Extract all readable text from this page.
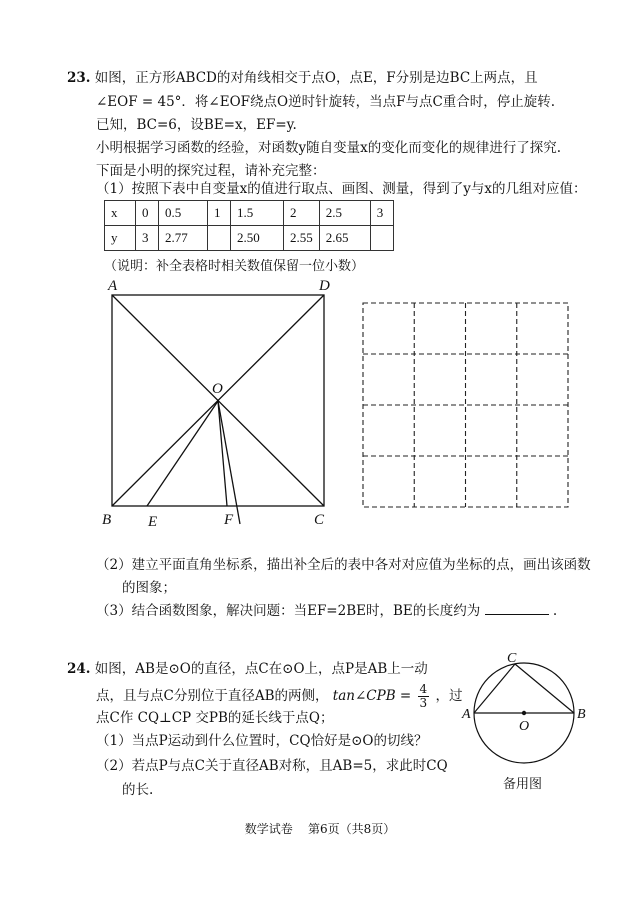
23. 如图，正方形ABCD的对角线相交于点O，点E，F分别是边BC上两点，且
∠EOF = 45°．将∠EOF绕点O逆时针旋转，当点F与点C重合时，停止旋转.
已知，BC=6，设BE=x，EF=y.
小明根据学习函数的经验，对函数y随自变量x的变化而变化的规律进行了探究.
下面是小明的探究过程，请补充完整：
（1）按照下表中自变量x的值进行取点、画图、测量，得到了y与x的几组对应值：
x	0	0.5	1	1.5	2	2.5	3
y	3	2.77		2.50	2.55	2.65	
（说明：补全表格时相关数值保留一位小数）
A	D
O
B E	F	C
（2）建立平面直角坐标系，描出补全后的表中各对对应值为坐标的点，画出该函数
的图象；
（3）结合函数图象，解决问题：当EF=2BE时，BE的长度约为	.
24. 如图，AB是⊙O的直径，点C在⊙O上，点P是AB上一动
点，且与点C分别位于直径AB的两侧， tan∠CPB = $\frac{4}{3}$ ，过
点C作 CQ⊥CP 交PB的延长线于点Q；
（1）当点P运动到什么位置时，CQ恰好是⊙O的切线？
（2）若点P与点C关于直径AB对称，且AB=5，求此时CQ
的长.
A	B
C
O
备用图
数学试卷    第6页（共8页）
